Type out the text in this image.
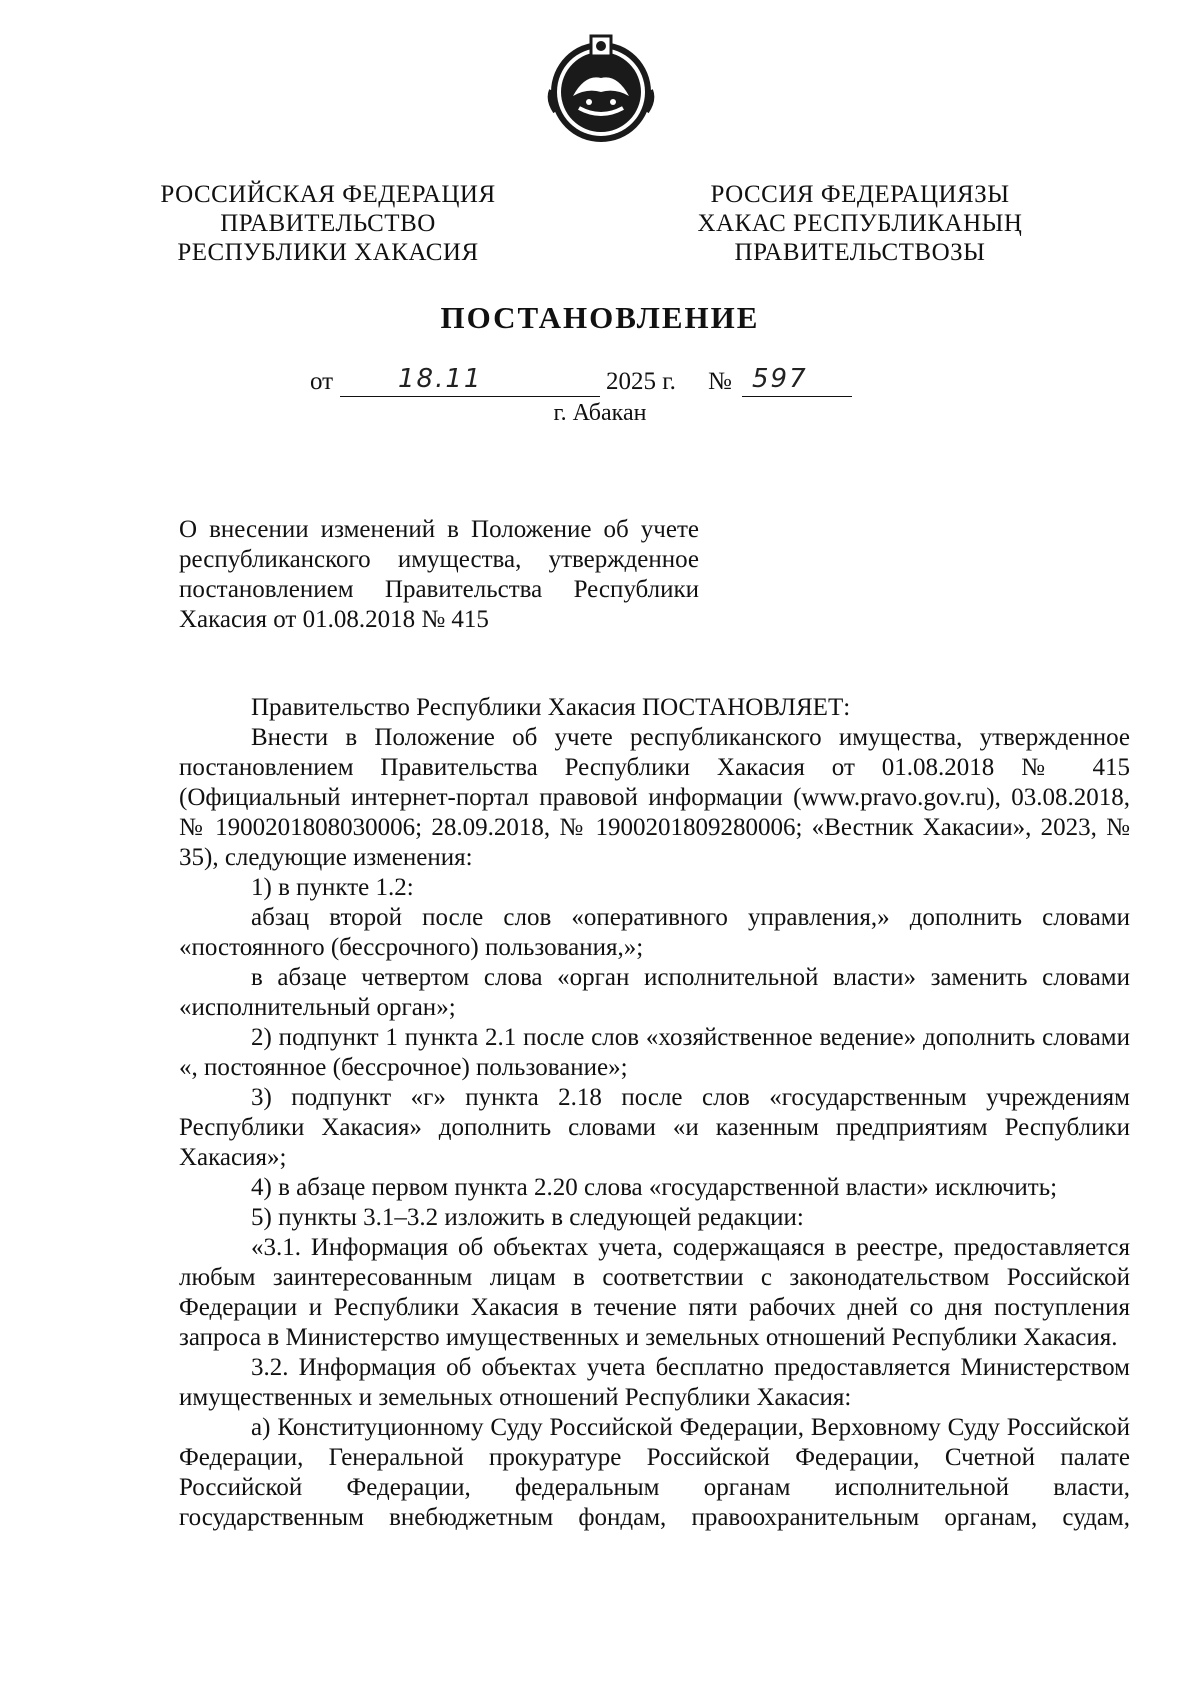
РОССИЙСКАЯ ФЕДЕРАЦИЯ
ПРАВИТЕЛЬСТВО
РЕСПУБЛИКИ ХАКАСИЯ
РОССИЯ ФЕДЕРАЦИЯЗЫ
ХАКАС РЕСПУБЛИКАНЫҢ
ПРАВИТЕЛЬСТВОЗЫ
ПОСТАНОВЛЕНИЕ
от 18.11	2025 г. № 597
г. Абакан
О внесении изменений в Положение об учете
республиканского имущества, утвержденное
постановлением Правительства Республики
Хакасия от 01.08.2018 № 415

Правительство Республики Хакасия ПОСТАНОВЛЯЕТ:

Внести в Положение об учете республиканского имущества, утвержденное постановлением Правительства Республики Хакасия от 01.08.2018 № 415 (Официальный интернет-портал правовой информации (www.pravo.gov.ru), 03.08.2018, № 1900201808030006; 28.09.2018, № 1900201809280006; «Вестник Хакасии», 2023, № 35), следующие изменения:

1) в пункте 1.2:

абзац второй после слов «оперативного управления,» дополнить словами «постоянного (бессрочного) пользования,»;

в абзаце четвертом слова «орган исполнительной власти» заменить словами «исполнительный орган»;

2) подпункт 1 пункта 2.1 после слов «хозяйственное ведение» дополнить словами «, постоянное (бессрочное) пользование»;

3) подпункт «г» пункта 2.18 после слов «государственным учреждениям Республики Хакасия» дополнить словами «и казенным предприятиям Республики Хакасия»;

4) в абзаце первом пункта 2.20 слова «государственной власти» исключить;

5) пункты 3.1–3.2 изложить в следующей редакции:

«3.1. Информация об объектах учета, содержащаяся в реестре, предоставляется любым заинтересованным лицам в соответствии с законодательством Российской Федерации и Республики Хакасия в течение пяти рабочих дней со дня поступления запроса в Министерство имущественных и земельных отношений Республики Хакасия.

3.2. Информация об объектах учета бесплатно предоставляется Министерством имущественных и земельных отношений Республики Хакасия:

а) Конституционному Суду Российской Федерации, Верховному Суду Российской Федерации, Генеральной прокуратуре Российской Федерации, Счетной палате Российской Федерации, федеральным органам исполнительной власти, государственным внебюджетным фондам, правоохранительным органам, судам,
